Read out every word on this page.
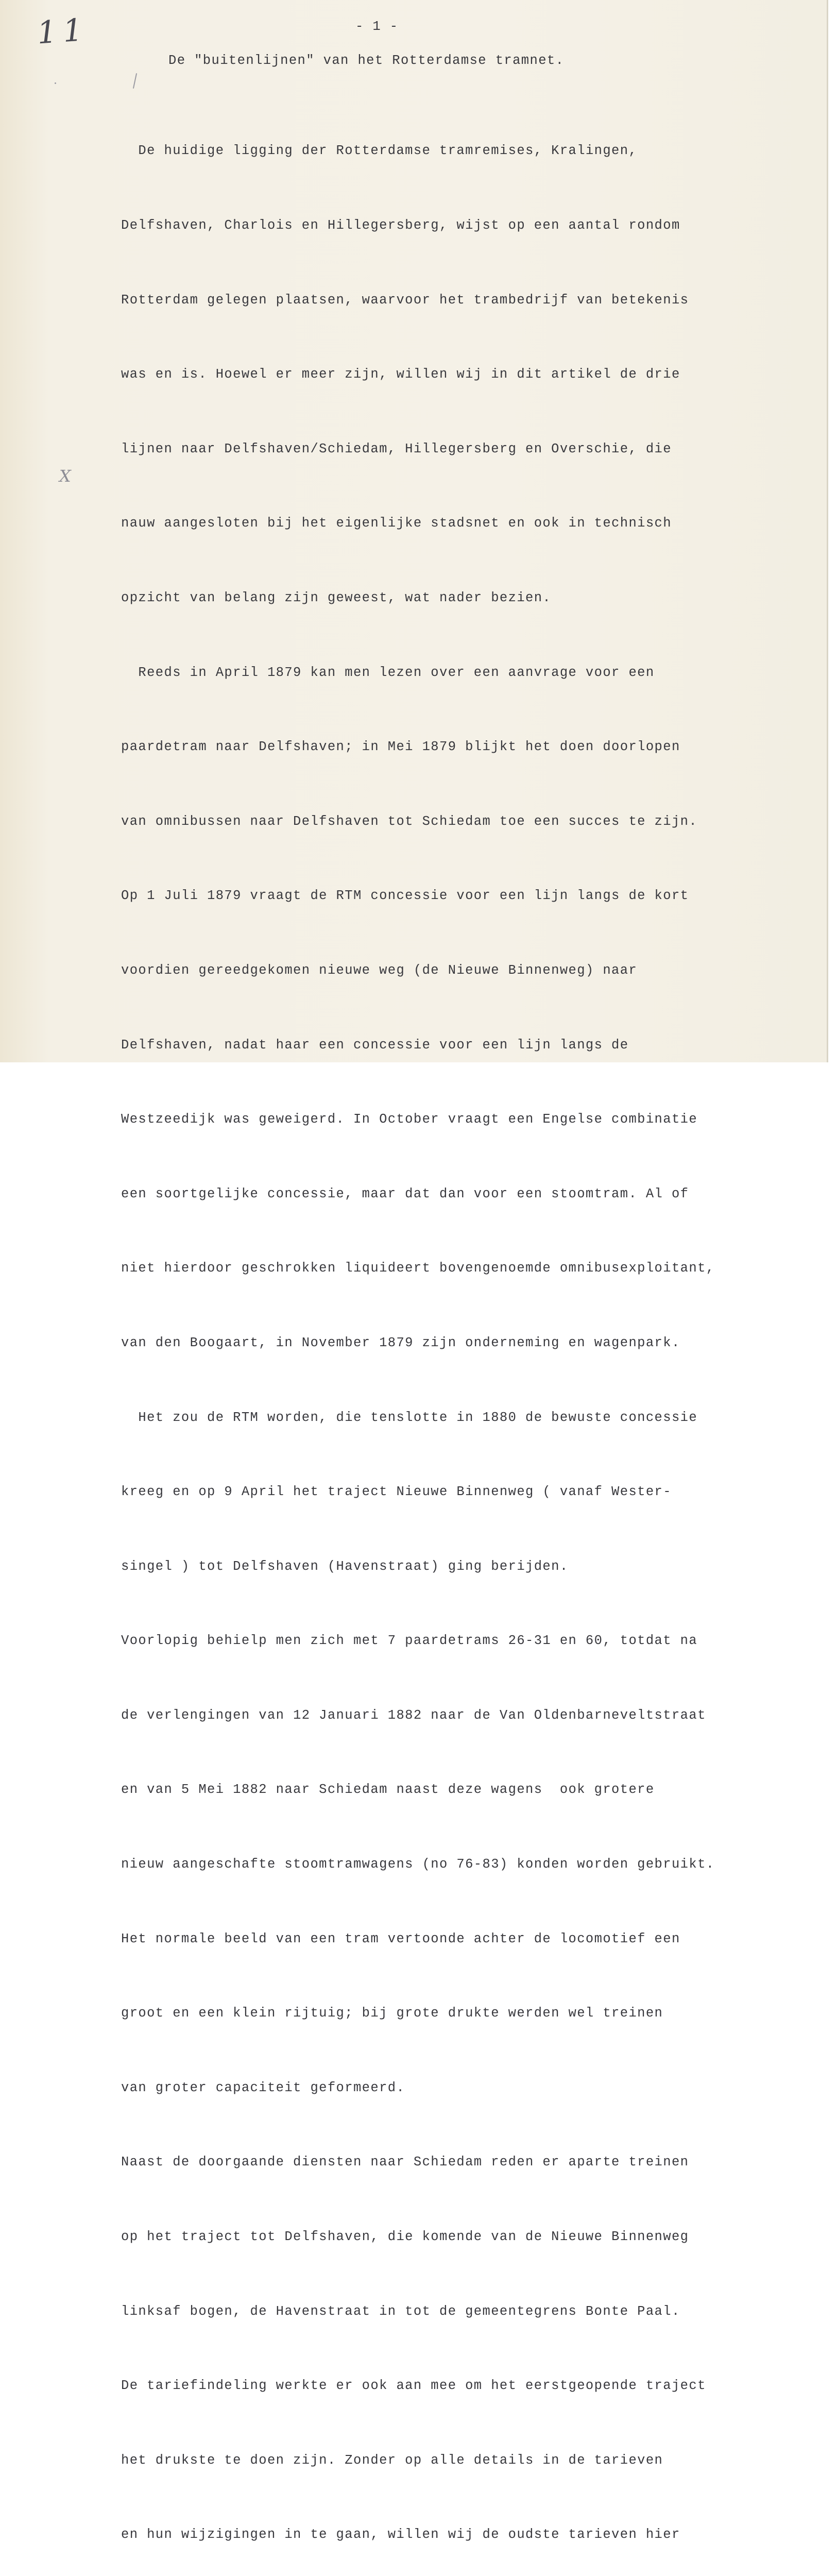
11
X

- 1 -

De "buitenlijnen" van het Rotterdamse tramnet.

De huidige ligging der Rotterdamse tramremises, Kralingen,

Delfshaven, Charlois en Hillegersberg, wijst op een aantal rondom

Rotterdam gelegen plaatsen, waarvoor het trambedrijf van betekenis

was en is. Hoewel er meer zijn, willen wij in dit artikel de drie

lijnen naar Delfshaven/Schiedam, Hillegersberg en Overschie, die

nauw aangesloten bij het eigenlijke stadsnet en ook in technisch

opzicht van belang zijn geweest, wat nader bezien.

Reeds in April 1879 kan men lezen over een aanvrage voor een

paardetram naar Delfshaven; in Mei 1879 blijkt het doen doorlopen

van omnibussen naar Delfshaven tot Schiedam toe een succes te zijn.

Op 1 Juli 1879 vraagt de RTM concessie voor een lijn langs de kort

voordien gereedgekomen nieuwe weg (de Nieuwe Binnenweg) naar

Delfshaven, nadat haar een concessie voor een lijn langs de

Westzeedijk was geweigerd. In October vraagt een Engelse combinatie

een soortgelijke concessie, maar dat dan voor een stoomtram. Al of

niet hierdoor geschrokken liquideert bovengenoemde omnibusexploitant,

van den Boogaart, in November 1879 zijn onderneming en wagenpark.

Het zou de RTM worden, die tenslotte in 1880 de bewuste concessie

kreeg en op 9 April het traject Nieuwe Binnenweg ( vanaf Wester-

singel ) tot Delfshaven (Havenstraat) ging berijden.

Voorlopig behielp men zich met 7 paardetrams 26-31 en 60, totdat na

de verlengingen van 12 Januari 1882 naar de Van Oldenbarneveltstraat

en van 5 Mei 1882 naar Schiedam naast deze wagens  ook grotere

nieuw aangeschafte stoomtramwagens (no 76-83) konden worden gebruikt.

Het normale beeld van een tram vertoonde achter de locomotief een

groot en een klein rijtuig; bij grote drukte werden wel treinen

van groter capaciteit geformeerd.

Naast de doorgaande diensten naar Schiedam reden er aparte treinen

op het traject tot Delfshaven, die komende van de Nieuwe Binnenweg

linksaf bogen, de Havenstraat in tot de gemeentegrens Bonte Paal.

De tariefindeling werkte er ook aan mee om het eerstgeopende traject

het drukste te doen zijn. Zonder op alle details in de tarieven

en hun wijzigingen in te gaan, willen wij de oudste tarieven hier
